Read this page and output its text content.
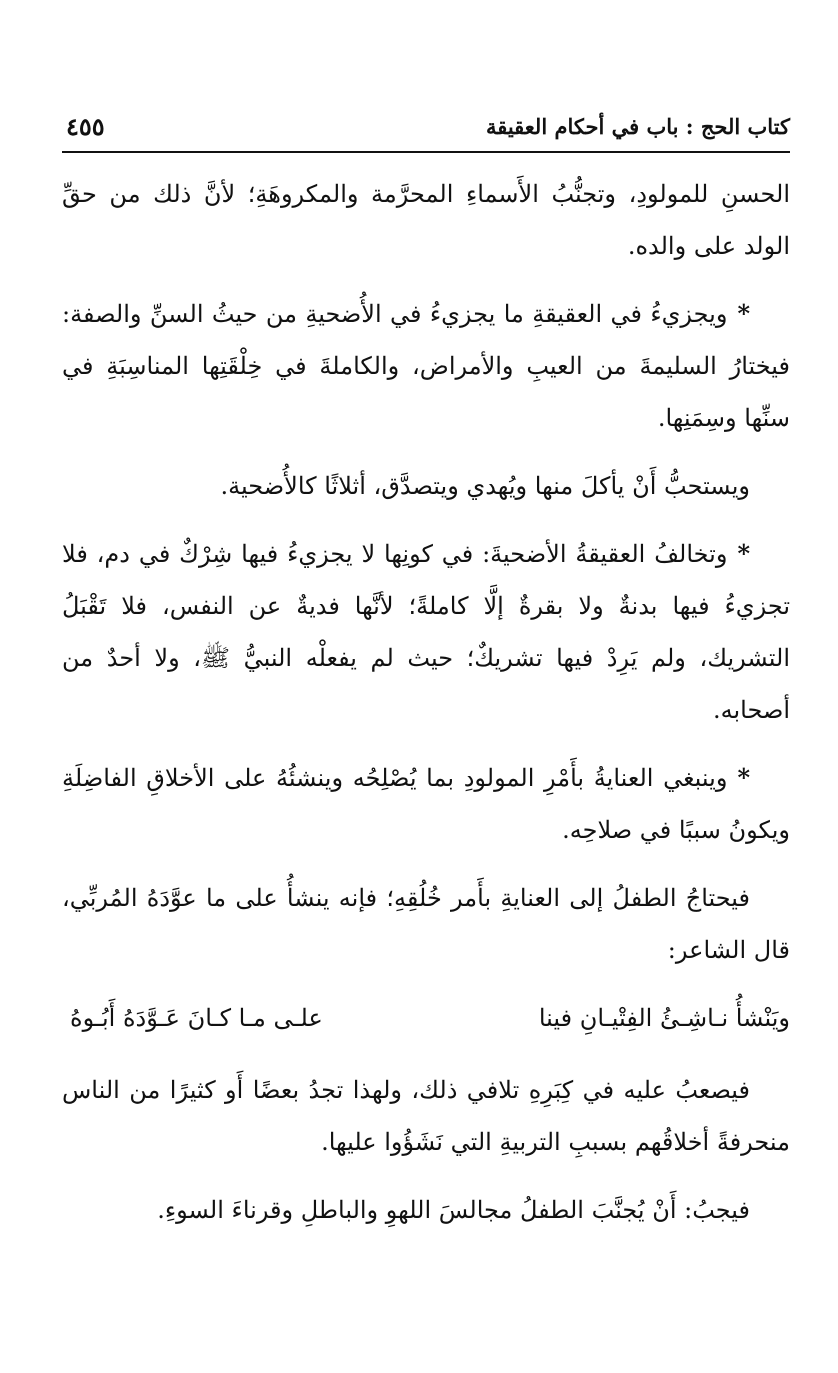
كتاب الحج : باب في أحكام العقيقة
٤٥٥

الحسنِ للمولودِ، وتجنُّبُ الأَسماءِ المحرَّمة والمكروهَةِ؛ لأنَّ ذلك من حقِّ الولد على والده.

*ويجزيءُ في العقيقةِ ما يجزيءُ في الأُضحيةِ من حيثُ السنِّ والصفة: فيختارُ السليمةَ من العيبِ والأمراض، والكاملةَ في خِلْقَتِها المناسِبَةِ في سنِّها وسِمَنِها.

ويستحبُّ أَنْ يأكلَ منها ويُهدي ويتصدَّق، أثلاثًا كالأُضحية.

*وتخالفُ العقيقةُ الأضحيةَ: في كونِها لا يجزيءُ فيها شِرْكٌ في دم، فلا تجزيءُ فيها بدنةٌ ولا بقرةٌ إلَّا كاملةً؛ لأنَّها فديةٌ عن النفس، فلا تَقْبَلُ التشريك، ولم يَرِدْ فيها تشريكٌ؛ حيث لم يفعلْه النبيُّ ﷺ، ولا أحدٌ من أصحابه.

*وينبغي العنايةُ بأَمْرِ المولودِ بما يُصْلِحُه وينشئُهُ على الأخلاقِ الفاضِلَةِ ويكونُ سببًا في صلاحِه.

فيحتاجُ الطفلُ إلى العنايةِ بأَمر خُلُقِهِ؛ فإنه ينشأُ على ما عوَّدَهُ المُربِّي، قال الشاعر:

ويَنْشأُ نـاشِـئُ الفِتْيـانِ فينا
علـى مـا كـانَ عَـوَّدَهُ أَبُـوهُ

فيصعبُ عليه في كِبَرِهِ تلافي ذلك، ولهذا تجدُ بعضًا أَو كثيرًا من الناس منحرفةً أخلاقُهم بسببِ التربيةِ التي نَشَؤُوا عليها.

فيجبُ: أَنْ يُجنَّبَ الطفلُ مجالسَ اللهوِ والباطلِ وقرناءَ السوءِ.
